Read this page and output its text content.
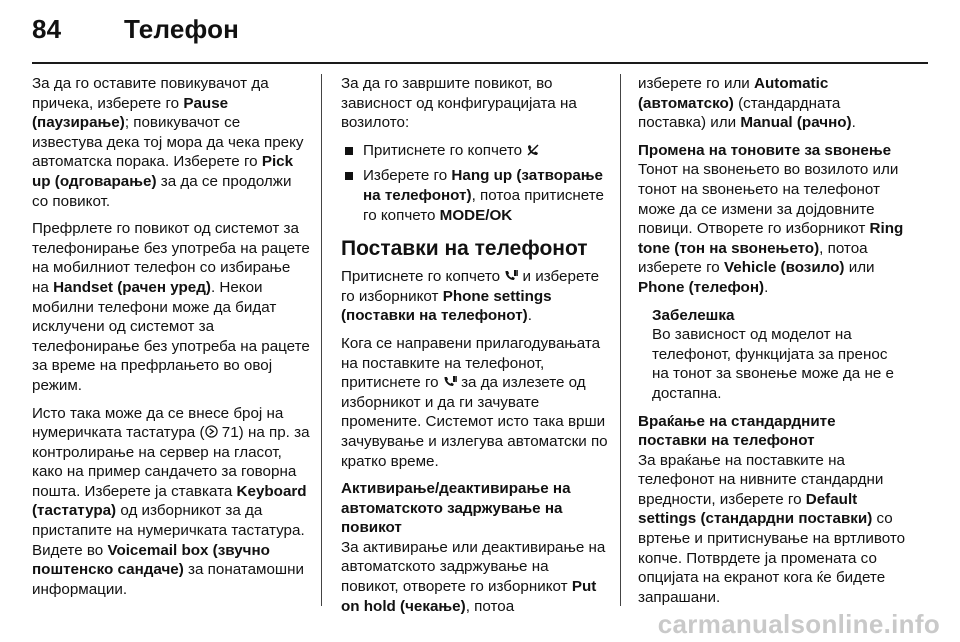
84 Телефон

За да го оставите повикувачот да причека, изберете го Pause (паузирање); повикувачот се известува дека тој мора да чека преку автоматска порака. Изберете го Pick up (одговарање) за да се продолжи со повикот.

Префрлете го повикот од системот за телефонирање без употреба на рацете на мобилниот телефон со избирање на Handset (рачен уред). Некои мобилни телефони може да бидат исклучени од системот за телефонирање без употреба на рацете за време на префрлањето во овој режим.

Исто така може да се внесе број на нумеричката тастатура ( 71) на пр. за контролирање на сервер на гласот, како на пример сандачето за говорна пошта. Изберете ја ставката Keyboard (тастатура) од изборникот за да пристапите на нумеричката тастатура. Видете во Voicemail box (звучно поштенско сандаче) за понатамошни информации.

За да го завршите повикот, во зависност од конфигурацијата на возилото:

Притиснете го копчето
Изберете го Hang up (затворање на телефонот), потоа притиснете го копчето MODE/OK
Поставки на телефонот

Притиснете го копчето  и изберете го изборникот Phone settings (поставки на телефонот).

Кога се направени прилагодувањата на поставките на телефонот, притиснете го  за да излезете од изборникот и да ги зачувате промените. Системот исто така врши зачувување и излегува автоматски по кратко време.

Активирање/деактивирање на автоматското задржување на повикот

За активирање или деактивирање на автоматското задржување на повикот, отворете го изборникот Put on hold (чекање), потоа

изберете го или Automatic (автоматско) (стандардната поставка) или Manual (рачно).

Промена на тоновите за ѕвонење

Тонот на ѕвонењето во возилото или тонот на ѕвонењето на телефонот може да се измени за дојдовните повици. Отворете го изборникот Ring tone (тон на ѕвонењето), потоа изберете го Vehicle (возило) или Phone (телефон).

Забелешка
Во зависност од моделот на телефонот, функцијата за пренос на тонот за ѕвонење може да не е достапна.

Враќање на стандардните поставки на телефонот

За враќање на поставките на телефонот на нивните стандардни вредности, изберете го Default settings (стандардни поставки) со вртење и притиснување на вртливото копче. Потврдете ја промената со опцијата на екранот кога ќе бидете запрашани.

carmanualsonline.info
